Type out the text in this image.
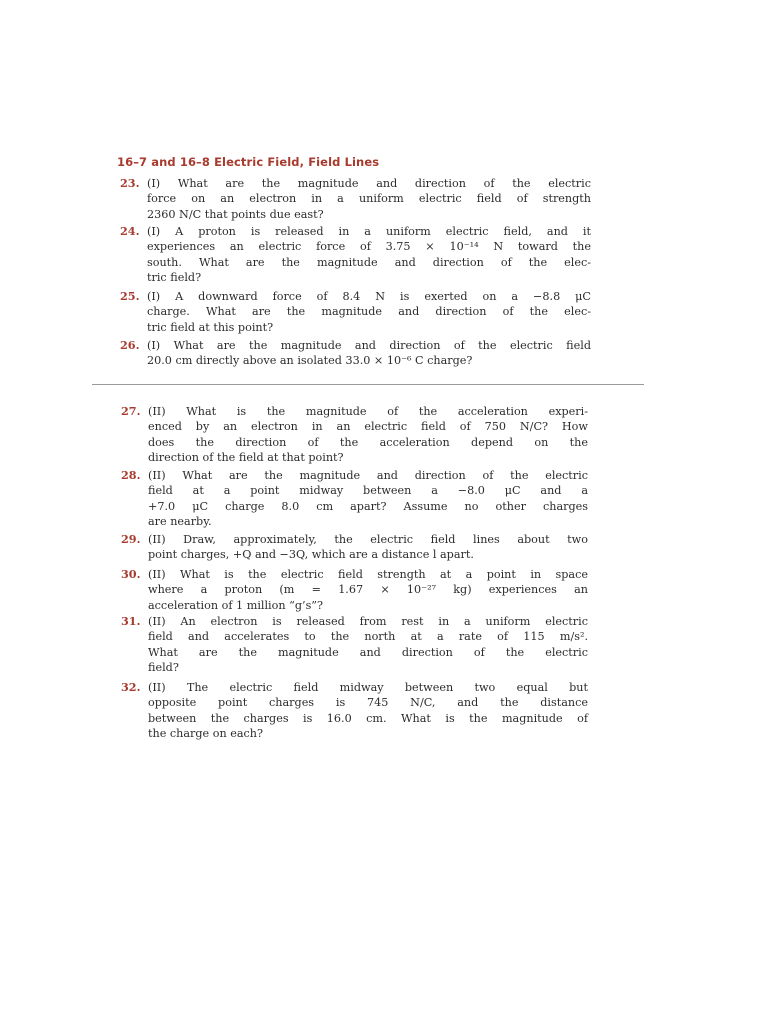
16–7 and 16–8 Electric Field, Field Lines
23. (I) What are the magnitude and direction of the electric
force on an electron in a uniform electric field of strength
2360 N/C that points due east?
24. (I) A proton is released in a uniform electric field, and it
experiences an electric force of 3.75 × 10⁻¹⁴ N toward the
south. What are the magnitude and direction of the elec-
tric field?
25. (I) A downward force of 8.4 N is exerted on a −8.8 μC
charge. What are the magnitude and direction of the elec-
tric field at this point?
26. (I) What are the magnitude and direction of the electric field
20.0 cm directly above an isolated 33.0 × 10⁻⁶ C charge?
27. (II) What is the magnitude of the acceleration experi-
enced by an electron in an electric field of 750 N/C? How
does the direction of the acceleration depend on the
direction of the field at that point?
28. (II) What are the magnitude and direction of the electric
field at a point midway between a −8.0 μC and a
+7.0 μC charge 8.0 cm apart? Assume no other charges
are nearby.
29. (II) Draw, approximately, the electric field lines about two
point charges, +Q and −3Q, which are a distance l apart.
30. (II) What is the electric field strength at a point in space
where a proton (m = 1.67 × 10⁻²⁷ kg) experiences an
acceleration of 1 million “g’s”?
31. (II) An electron is released from rest in a uniform electric
field and accelerates to the north at a rate of 115 m/s².
What are the magnitude and direction of the electric
field?
32. (II) The electric field midway between two equal but
opposite point charges is 745 N/C, and the distance
between the charges is 16.0 cm. What is the magnitude of
the charge on each?
